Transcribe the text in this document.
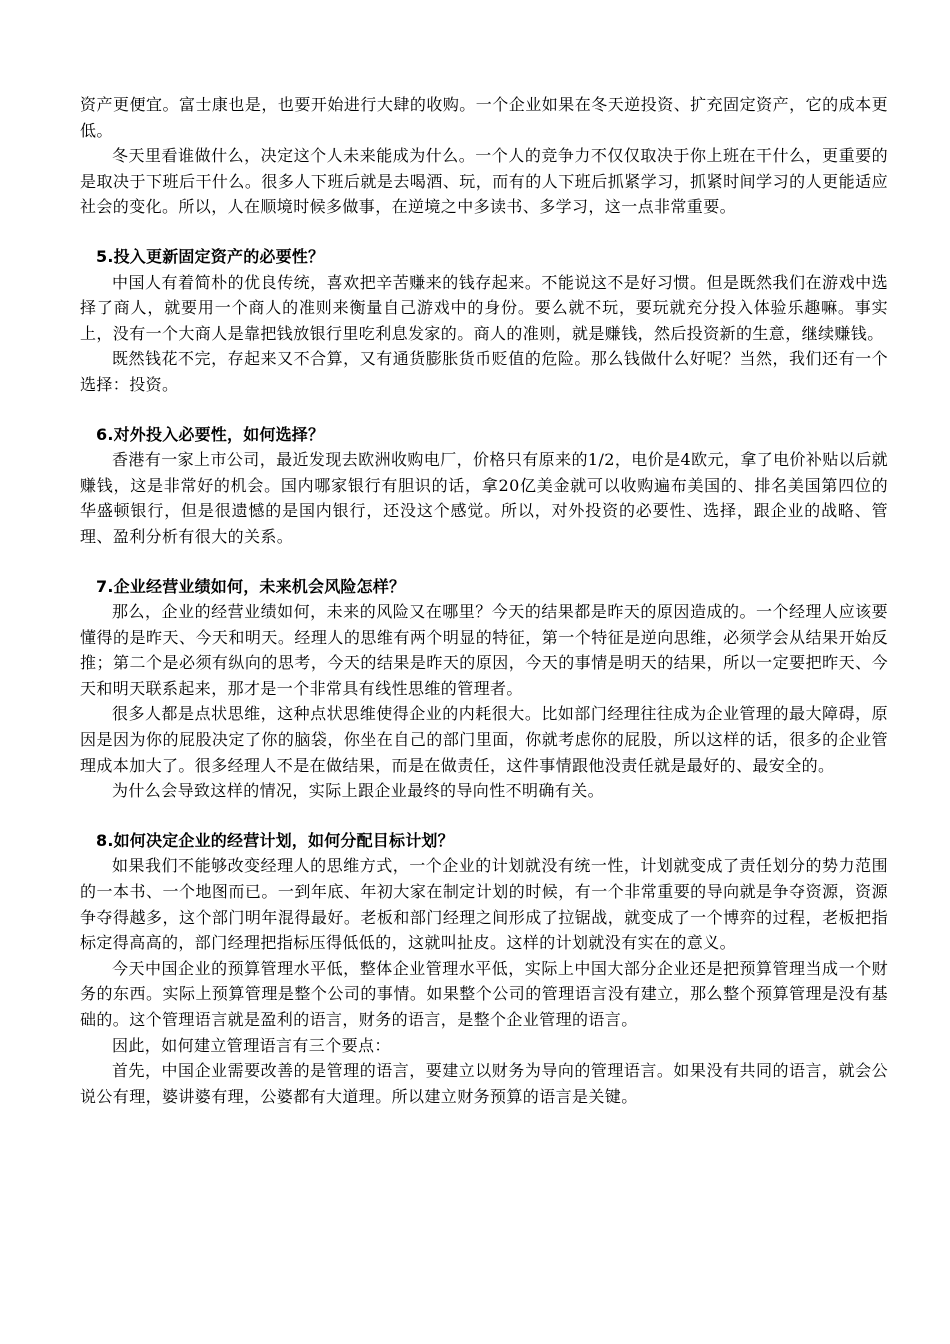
资产更便宜。富士康也是，也要开始进行大肆的收购。一个企业如果在冬天逆投资、扩充固定资产，它的成本更低。

冬天里看谁做什么，决定这个人未来能成为什么。一个人的竞争力不仅仅取决于你上班在干什么，更重要的是取决于下班后干什么。很多人下班后就是去喝酒、玩，而有的人下班后抓紧学习，抓紧时间学习的人更能适应社会的变化。所以，人在顺境时候多做事，在逆境之中多读书、多学习，这一点非常重要。

5.投入更新固定资产的必要性？

中国人有着简朴的优良传统，喜欢把辛苦赚来的钱存起来。不能说这不是好习惯。但是既然我们在游戏中选择了商人，就要用一个商人的准则来衡量自己游戏中的身份。要么就不玩，要玩就充分投入体验乐趣嘛。事实上，没有一个大商人是靠把钱放银行里吃利息发家的。商人的准则，就是赚钱，然后投资新的生意，继续赚钱。

既然钱花不完，存起来又不合算，又有通货膨胀货币贬值的危险。那么钱做什么好呢？当然，我们还有一个选择：投资。

6.对外投入必要性，如何选择？

香港有一家上市公司，最近发现去欧洲收购电厂，价格只有原来的1/2，电价是4欧元，拿了电价补贴以后就赚钱，这是非常好的机会。国内哪家银行有胆识的话，拿20亿美金就可以收购遍布美国的、排名美国第四位的华盛顿银行，但是很遗憾的是国内银行，还没这个感觉。所以，对外投资的必要性、选择，跟企业的战略、管理、盈利分析有很大的关系。

7.企业经营业绩如何，未来机会风险怎样？

那么，企业的经营业绩如何，未来的风险又在哪里？今天的结果都是昨天的原因造成的。一个经理人应该要懂得的是昨天、今天和明天。经理人的思维有两个明显的特征，第一个特征是逆向思维，必须学会从结果开始反推；第二个是必须有纵向的思考，今天的结果是昨天的原因，今天的事情是明天的结果，所以一定要把昨天、今天和明天联系起来，那才是一个非常具有线性思维的管理者。

很多人都是点状思维，这种点状思维使得企业的内耗很大。比如部门经理往往成为企业管理的最大障碍，原因是因为你的屁股决定了你的脑袋，你坐在自己的部门里面，你就考虑你的屁股，所以这样的话，很多的企业管理成本加大了。很多经理人不是在做结果，而是在做责任，这件事情跟他没责任就是最好的、最安全的。

为什么会导致这样的情况，实际上跟企业最终的导向性不明确有关。

8.如何决定企业的经营计划，如何分配目标计划？

如果我们不能够改变经理人的思维方式，一个企业的计划就没有统一性，计划就变成了责任划分的势力范围的一本书、一个地图而已。一到年底、年初大家在制定计划的时候，有一个非常重要的导向就是争夺资源，资源争夺得越多，这个部门明年混得最好。老板和部门经理之间形成了拉锯战，就变成了一个博弈的过程，老板把指标定得高高的，部门经理把指标压得低低的，这就叫扯皮。这样的计划就没有实在的意义。

今天中国企业的预算管理水平低，整体企业管理水平低，实际上中国大部分企业还是把预算管理当成一个财务的东西。实际上预算管理是整个公司的事情。如果整个公司的管理语言没有建立，那么整个预算管理是没有基础的。这个管理语言就是盈利的语言，财务的语言，是整个企业管理的语言。

因此，如何建立管理语言有三个要点：

首先，中国企业需要改善的是管理的语言，要建立以财务为导向的管理语言。如果没有共同的语言，就会公说公有理，婆讲婆有理，公婆都有大道理。所以建立财务预算的语言是关键。
